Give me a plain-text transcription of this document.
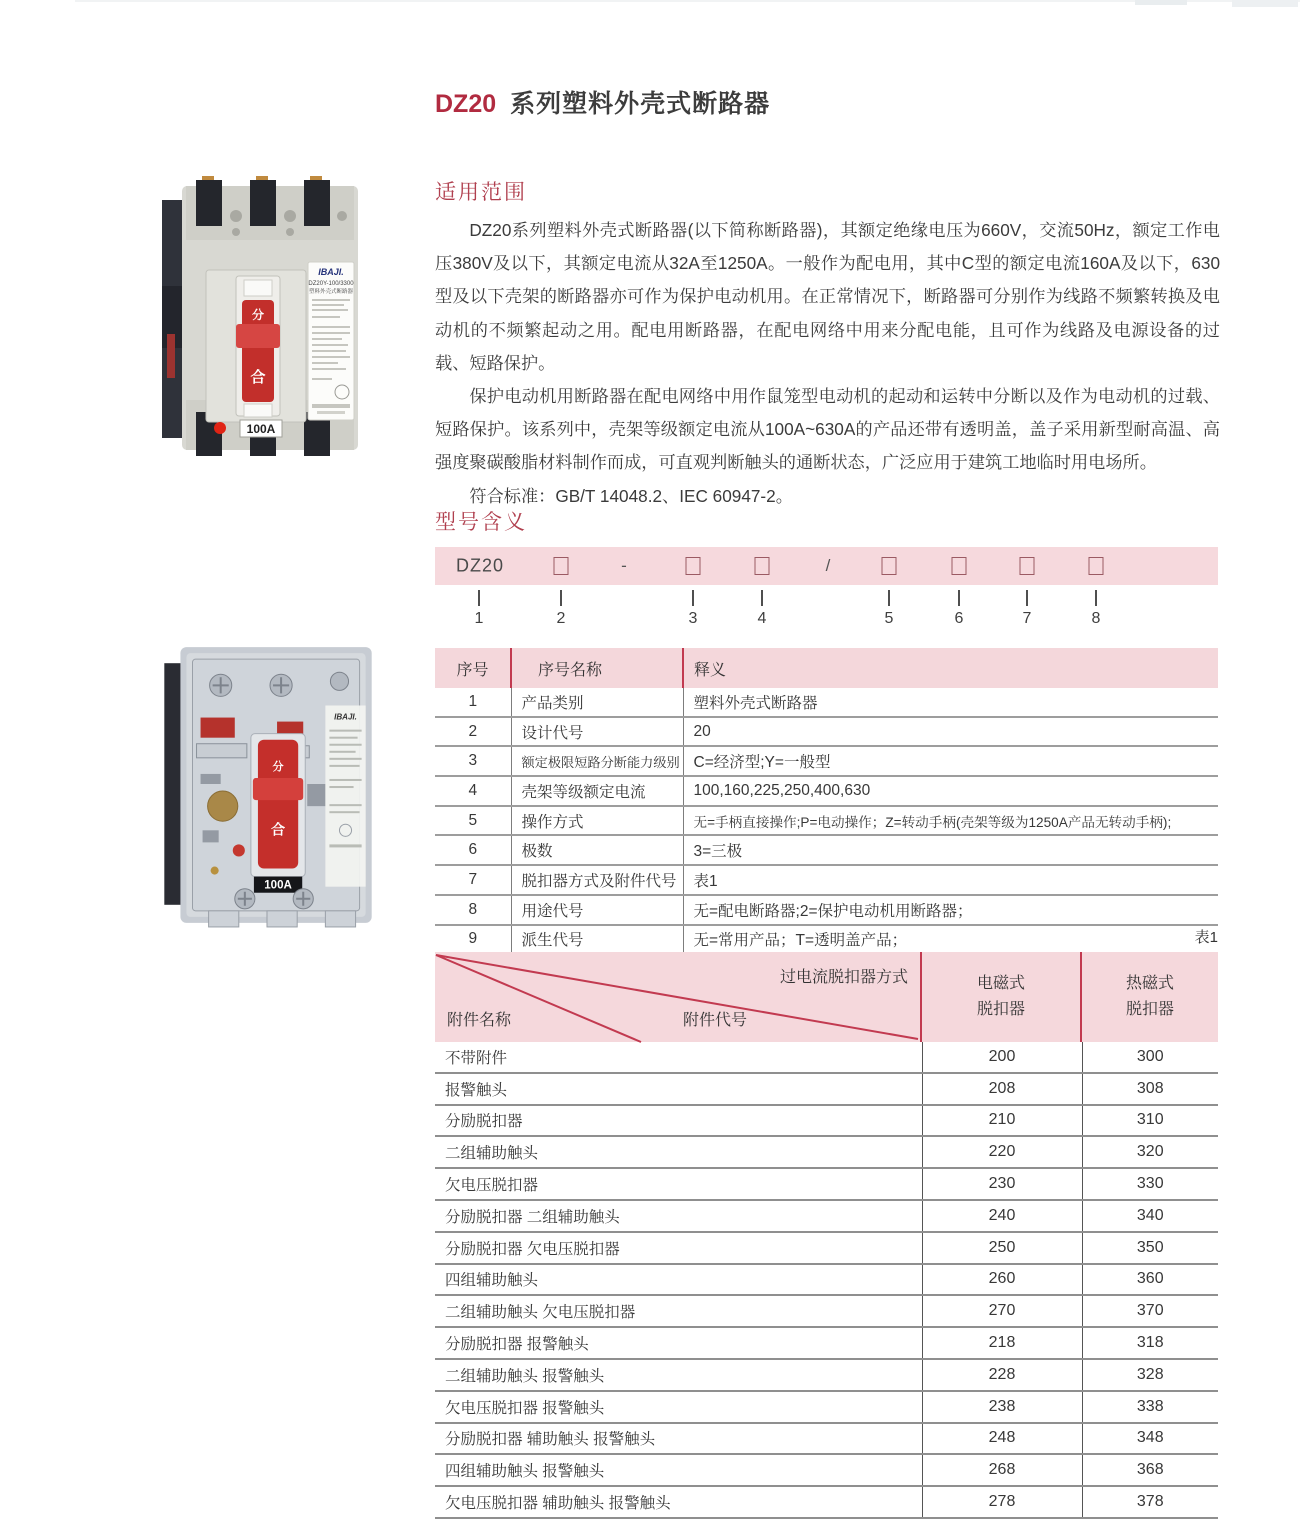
DZ20 系列塑料外壳式断路器
分
合
100A
IBAJI.
DZ20Y-100/3300
塑料外壳式断路器
适用范围

DZ20系列塑料外壳式断路器(以下简称断路器)，其额定绝缘电压为660V，交流50Hz，额定工作电压380V及以下，其额定电流从32A至1250A。一般作为配电用，其中C型的额定电流160A及以下，630型及以下壳架的断路器亦可作为保护电动机用。在正常情况下，断路器可分别作为线路不频繁转换及电动机的不频繁起动之用。配电用断路器，在配电网络中用来分配电能，且可作为线路及电源设备的过载、短路保护。

保护电动机用断路器在配电网络中用作鼠笼型电动机的起动和运转中分断以及作为电动机的过载、短路保护。该系列中，壳架等级额定电流从100A~630A的产品还带有透明盖，盖子采用新型耐高温、高强度聚碳酸脂材料制作而成，可直观判断触头的通断状态，广泛应用于建筑工地临时用电场所。

符合标准：GB/T 14048.2、IEC 60947-2。

型号含义
DZ20	-	/
1	2	3	4	5	6	7	8
序号	序号名称	释义
1	产品类别	塑料外壳式断路器
2	设计代号	20
3	额定极限短路分断能力级别	C=经济型;Y=一般型
4	壳架等级额定电流	100,160,225,250,400,630
5	操作方式	无=手柄直接操作;P=电动操作；Z=转动手柄(壳架等级为1250A产品无转动手柄);
6	极数	3=三极
7	脱扣器方式及附件代号	表1
8	用途代号	无=配电断路器;2=保护电动机用断路器；
9	派生代号	无=常用产品；T=透明盖产品；
分
合
100A
IBAJI.
表1
过电流脱扣器方式
附件代号
附件名称
电磁式
脱扣器
热磁式
脱扣器
不带附件	200	300
报警触头	208	308
分励脱扣器	210	310
二组辅助触头	220	320
欠电压脱扣器	230	330
分励脱扣器 二组辅助触头	240	340
分励脱扣器 欠电压脱扣器	250	350
四组辅助触头	260	360
二组辅助触头 欠电压脱扣器	270	370
分励脱扣器 报警触头	218	318
二组辅助触头 报警触头	228	328
欠电压脱扣器 报警触头	238	338
分励脱扣器 辅助触头 报警触头	248	348
四组辅助触头 报警触头	268	368
欠电压脱扣器 辅助触头 报警触头	278	378
